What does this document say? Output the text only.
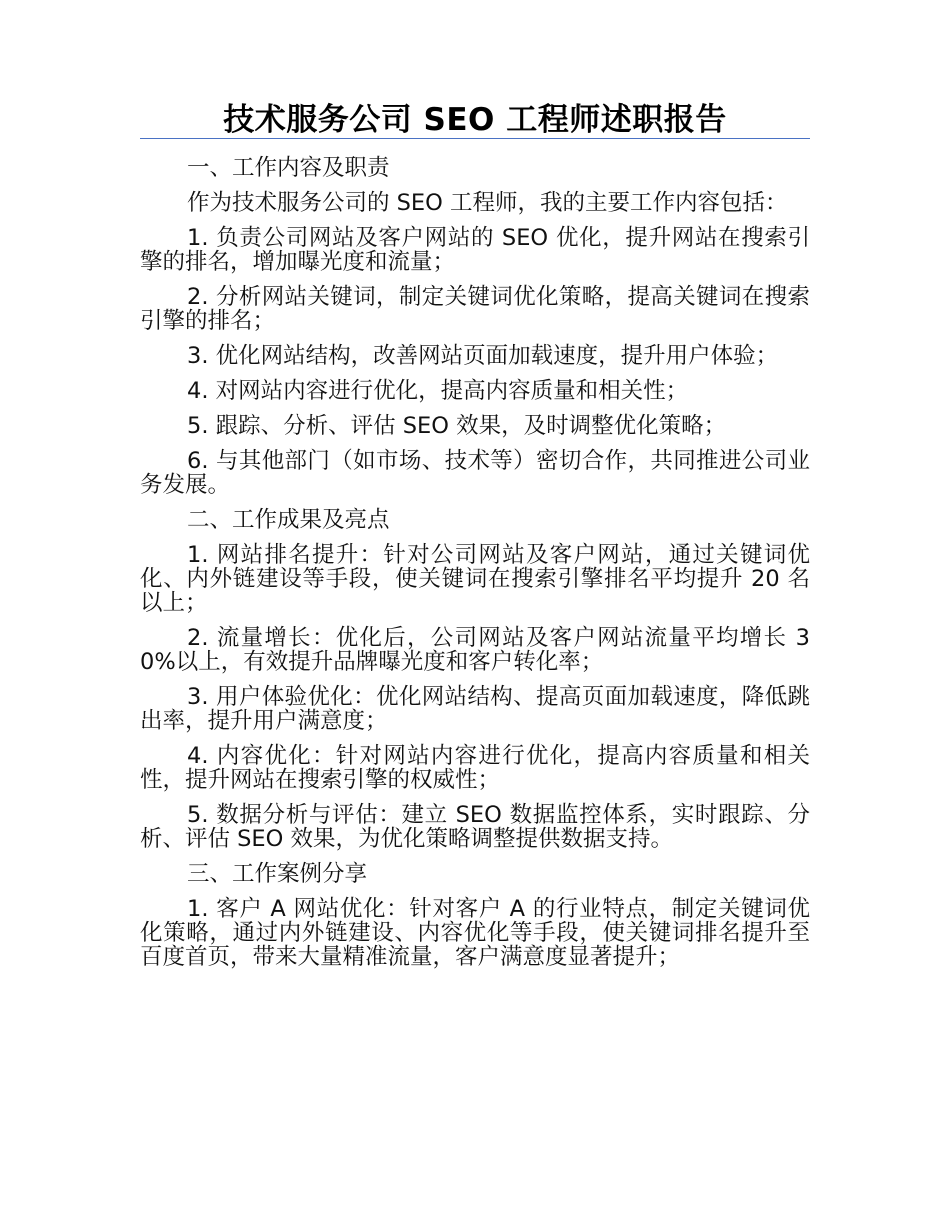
技术服务公司 SEO 工程师述职报告

一、工作内容及职责

作为技术服务公司的 SEO 工程师，我的主要工作内容包括：

1. 负责公司网站及客户网站的 SEO 优化，提升网站在搜索引擎的排名，增加曝光度和流量；

2. 分析网站关键词，制定关键词优化策略，提高关键词在搜索引擎的排名；

3. 优化网站结构，改善网站页面加载速度，提升用户体验；

4. 对网站内容进行优化，提高内容质量和相关性；

5. 跟踪、分析、评估 SEO 效果，及时调整优化策略；

6. 与其他部门（如市场、技术等）密切合作，共同推进公司业务发展。

二、工作成果及亮点

1. 网站排名提升：针对公司网站及客户网站，通过关键词优化、内外链建设等手段，使关键词在搜索引擎排名平均提升 20 名以上；

2. 流量增长：优化后，公司网站及客户网站流量平均增长 30%以上，有效提升品牌曝光度和客户转化率；

3. 用户体验优化：优化网站结构、提高页面加载速度，降低跳出率，提升用户满意度；

4. 内容优化：针对网站内容进行优化，提高内容质量和相关性，提升网站在搜索引擎的权威性；

5. 数据分析与评估：建立 SEO 数据监控体系，实时跟踪、分析、评估 SEO 效果，为优化策略调整提供数据支持。

三、工作案例分享

1. 客户 A 网站优化：针对客户 A 的行业特点，制定关键词优化策略，通过内外链建设、内容优化等手段，使关键词排名提升至百度首页，带来大量精准流量，客户满意度显著提升；
